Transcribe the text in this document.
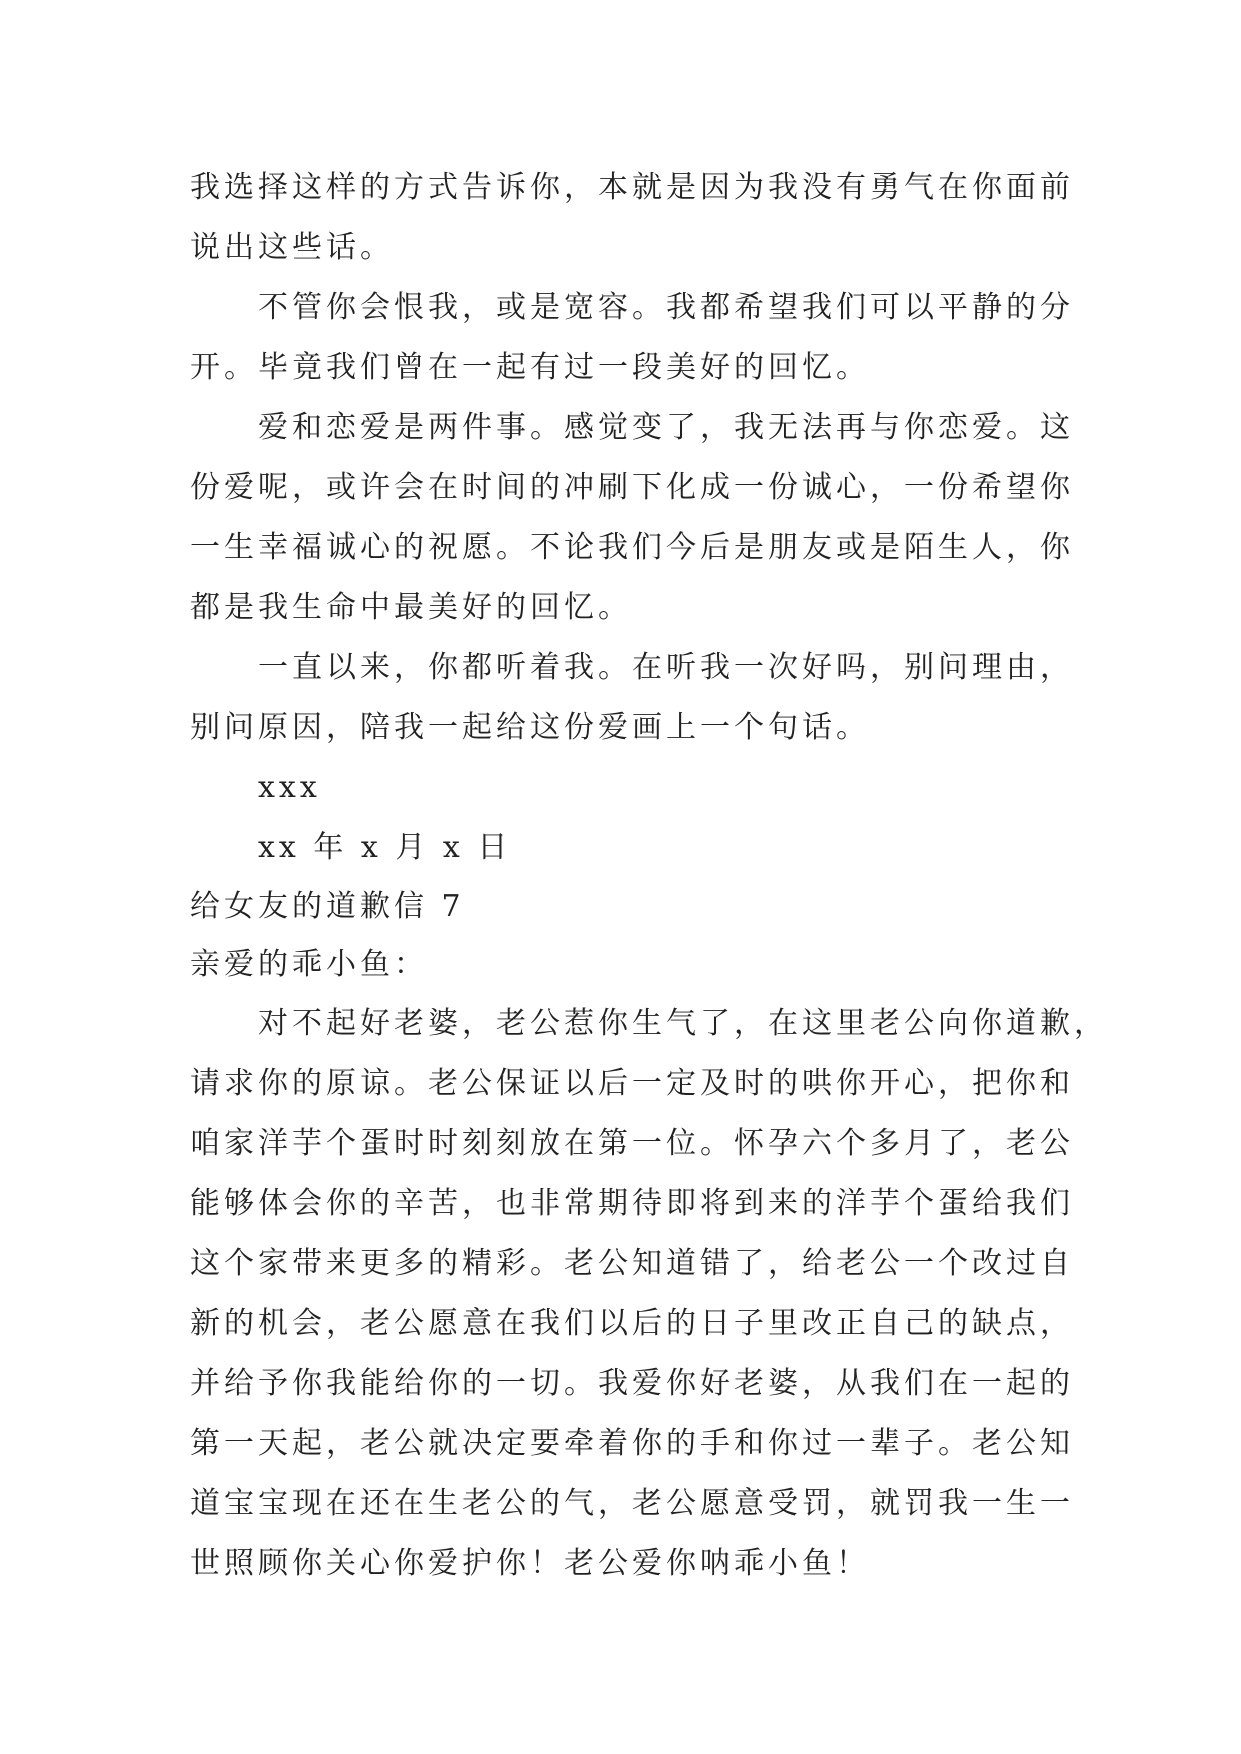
我选择这样的方式告诉你，本就是因为我没有勇气在你面前
说出这些话。
不管你会恨我，或是宽容。我都希望我们可以平静的分
开。毕竟我们曾在一起有过一段美好的回忆。
爱和恋爱是两件事。感觉变了，我无法再与你恋爱。这
份爱呢，或许会在时间的冲刷下化成一份诚心，一份希望你
一生幸福诚心的祝愿。不论我们今后是朋友或是陌生人，你
都是我生命中最美好的回忆。
一直以来，你都听着我。在听我一次好吗，别问理由，
别问原因，陪我一起给这份爱画上一个句话。
xxx
xx 年 x 月 x 日
给女友的道歉信 7
亲爱的乖小鱼：
对不起好老婆，老公惹你生气了，在这里老公向你道歉，
请求你的原谅。老公保证以后一定及时的哄你开心，把你和
咱家洋芋个蛋时时刻刻放在第一位。怀孕六个多月了，老公
能够体会你的辛苦，也非常期待即将到来的洋芋个蛋给我们
这个家带来更多的精彩。老公知道错了，给老公一个改过自
新的机会，老公愿意在我们以后的日子里改正自己的缺点，
并给予你我能给你的一切。我爱你好老婆，从我们在一起的
第一天起，老公就决定要牵着你的手和你过一辈子。老公知
道宝宝现在还在生老公的气，老公愿意受罚，就罚我一生一
世照顾你关心你爱护你！老公爱你呐乖小鱼！
